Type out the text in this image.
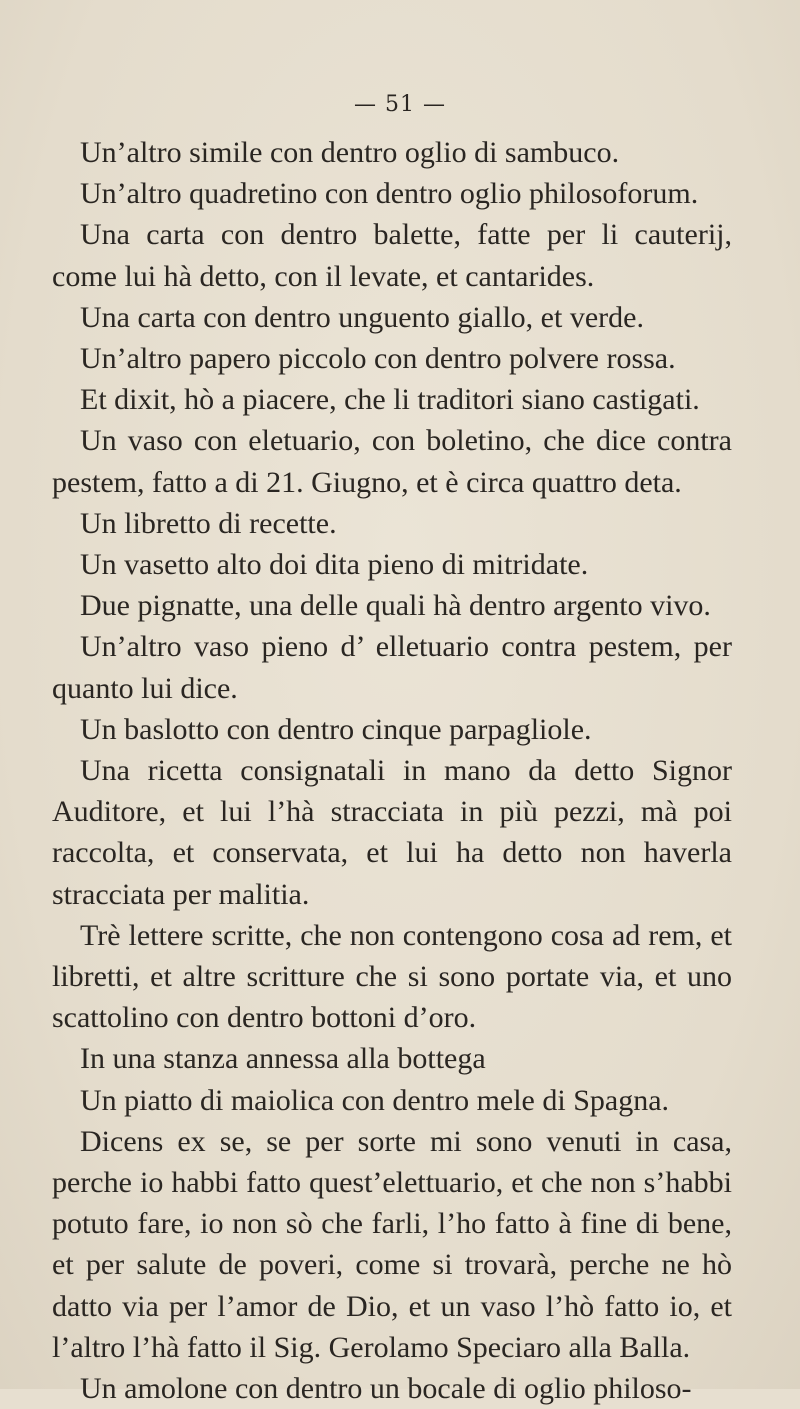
— 51 —

Un’altro simile con dentro oglio di sambuco.

Un’altro quadretino con dentro oglio philosoforum.

Una carta con dentro balette, fatte per li cauterij, come lui hà detto, con il levate, et cantarides.

Una carta con dentro unguento giallo, et verde.

Un’altro papero piccolo con dentro polvere rossa.

Et dixit, hò a piacere, che li traditori siano castigati.

Un vaso con eletuario, con boletino, che dice contra pestem, fatto a di 21. Giugno, et è circa quattro deta.

Un libretto di recette.

Un vasetto alto doi dita pieno di mitridate.

Due pignatte, una delle quali hà dentro argento vivo.

Un’altro vaso pieno d’ elletuario contra pestem, per quanto lui dice.

Un baslotto con dentro cinque parpagliole.

Una ricetta consignatali in mano da detto Signor Auditore, et lui l’hà stracciata in più pezzi, mà poi raccolta, et conservata, et lui ha detto non haverla stracciata per malitia.

Trè lettere scritte, che non contengono cosa ad rem, et libretti, et altre scritture che si sono portate via, et uno scattolino con dentro bottoni d’oro.

In una stanza annessa alla bottega

Un piatto di maiolica con dentro mele di Spagna.

Dicens ex se, se per sorte mi sono venuti in casa, perche io habbi fatto quest’elettuario, et che non s’habbi potuto fare, io non sò che farli, l’ho fatto à fine di bene, et per salute de poveri, come si trovarà, perche ne hò datto via per l’amor de Dio, et un vaso l’hò fatto io, et l’altro l’hà fatto il Sig. Gerolamo Speciaro alla Balla.

Un amolone con dentro un bocale di oglio philoso-
